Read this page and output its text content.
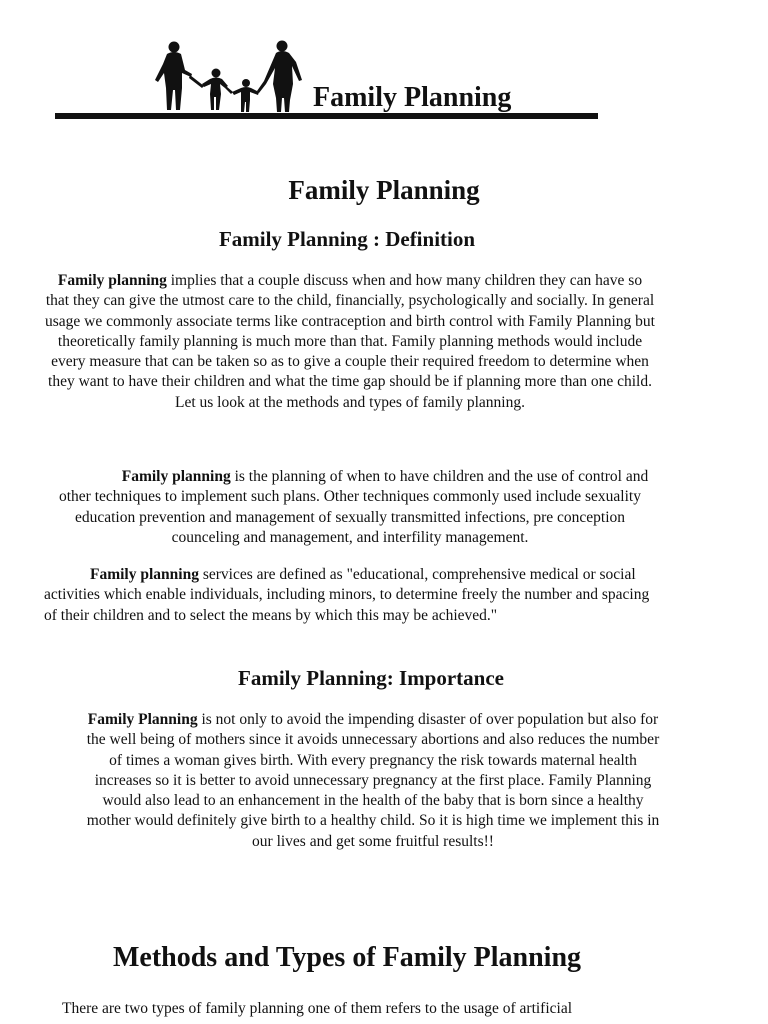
Family Planning
Family Planning
Family Planning : Definition

Family planning implies that a couple discuss when and how many children they can have so that they can give the utmost care to the child, financially, psychologically and socially. In general usage we commonly associate terms like contraception and birth control with Family Planning but theoretically family planning is much more than that. Family planning methods would include every measure that can be taken so as to give a couple their required freedom to determine when they want to have their children and what the time gap should be if planning more than one child. Let us look at the methods and types of family planning.

Family planning is the planning of when to have children and the use of control and other techniques to implement such plans. Other techniques commonly used include sexuality education prevention and management of sexually transmitted infections, pre conception counceling and management, and interfility management.

Family planning services are defined as "educational, comprehensive medical or social activities which enable individuals, including minors, to determine freely the number and spacing of their children and to select the means by which this may be achieved."

Family Planning: Importance

Family Planning is not only to avoid the impending disaster of over population but also for the well being of mothers since it avoids unnecessary abortions and also reduces the number of times a woman gives birth. With every pregnancy the risk towards maternal health increases so it is better to avoid unnecessary pregnancy at the first place. Family Planning would also lead to an enhancement in the health of the baby that is born since a healthy mother would definitely give birth to a healthy child. So it is high time we implement this in our lives and get some fruitful results!!

Methods and Types of Family Planning

There are two types of family planning one of them refers to the usage of artificial
